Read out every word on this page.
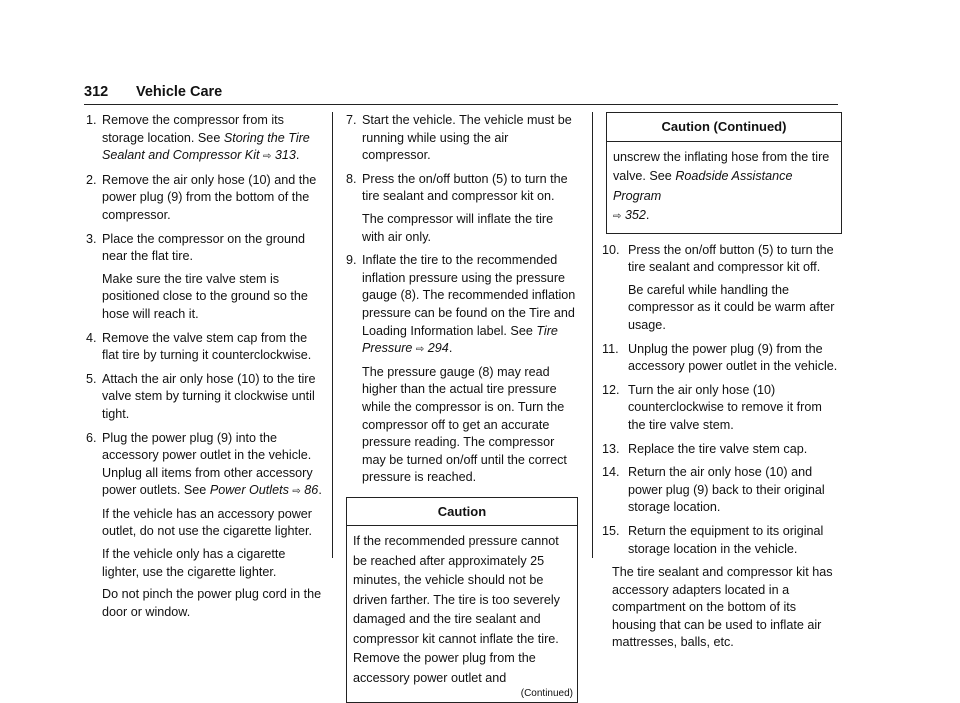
312 Vehicle Care
1. Remove the compressor from its storage location. See Storing the Tire Sealant and Compressor Kit ⇨ 313.

2. Remove the air only hose (10) and the power plug (9) from the bottom of the compressor.

3. Place the compressor on the ground near the flat tire.

Make sure the tire valve stem is positioned close to the ground so the hose will reach it.

4. Remove the valve stem cap from the flat tire by turning it counterclockwise.

5. Attach the air only hose (10) to the tire valve stem by turning it clockwise until tight.

6. Plug the power plug (9) into the accessory power outlet in the vehicle. Unplug all items from other accessory power outlets. See Power Outlets ⇨ 86.

If the vehicle has an accessory power outlet, do not use the cigarette lighter.

If the vehicle only has a cigarette lighter, use the cigarette lighter.

Do not pinch the power plug cord in the door or window.

7. Start the vehicle. The vehicle must be running while using the air compressor.

8. Press the on/off button (5) to turn the tire sealant and compressor kit on.

The compressor will inflate the tire with air only.

9. Inflate the tire to the recommended inflation pressure using the pressure gauge (8). The recommended inflation pressure can be found on the Tire and Loading Information label. See Tire Pressure ⇨ 294.

The pressure gauge (8) may read higher than the actual tire pressure while the compressor is on. Turn the compressor off to get an accurate pressure reading. The compressor may be turned on/off until the correct pressure is reached.

Caution
If the recommended pressure cannot be reached after approximately 25 minutes, the vehicle should not be driven farther. The tire is too severely damaged and the tire sealant and compressor kit cannot inflate the tire. Remove the power plug from the accessory power outlet and
(Continued)
Caution (Continued)
unscrew the inflating hose from the tire valve. See Roadside Assistance Program
⇨ 352.
10. Press the on/off button (5) to turn the tire sealant and compressor kit off.

Be careful while handling the compressor as it could be warm after usage.

11. Unplug the power plug (9) from the accessory power outlet in the vehicle.

12. Turn the air only hose (10) counterclockwise to remove it from the tire valve stem.

13. Replace the tire valve stem cap.

14. Return the air only hose (10) and power plug (9) back to their original storage location.

15. Return the equipment to its original storage location in the vehicle.

The tire sealant and compressor kit has accessory adapters located in a compartment on the bottom of its housing that can be used to inflate air mattresses, balls, etc.
